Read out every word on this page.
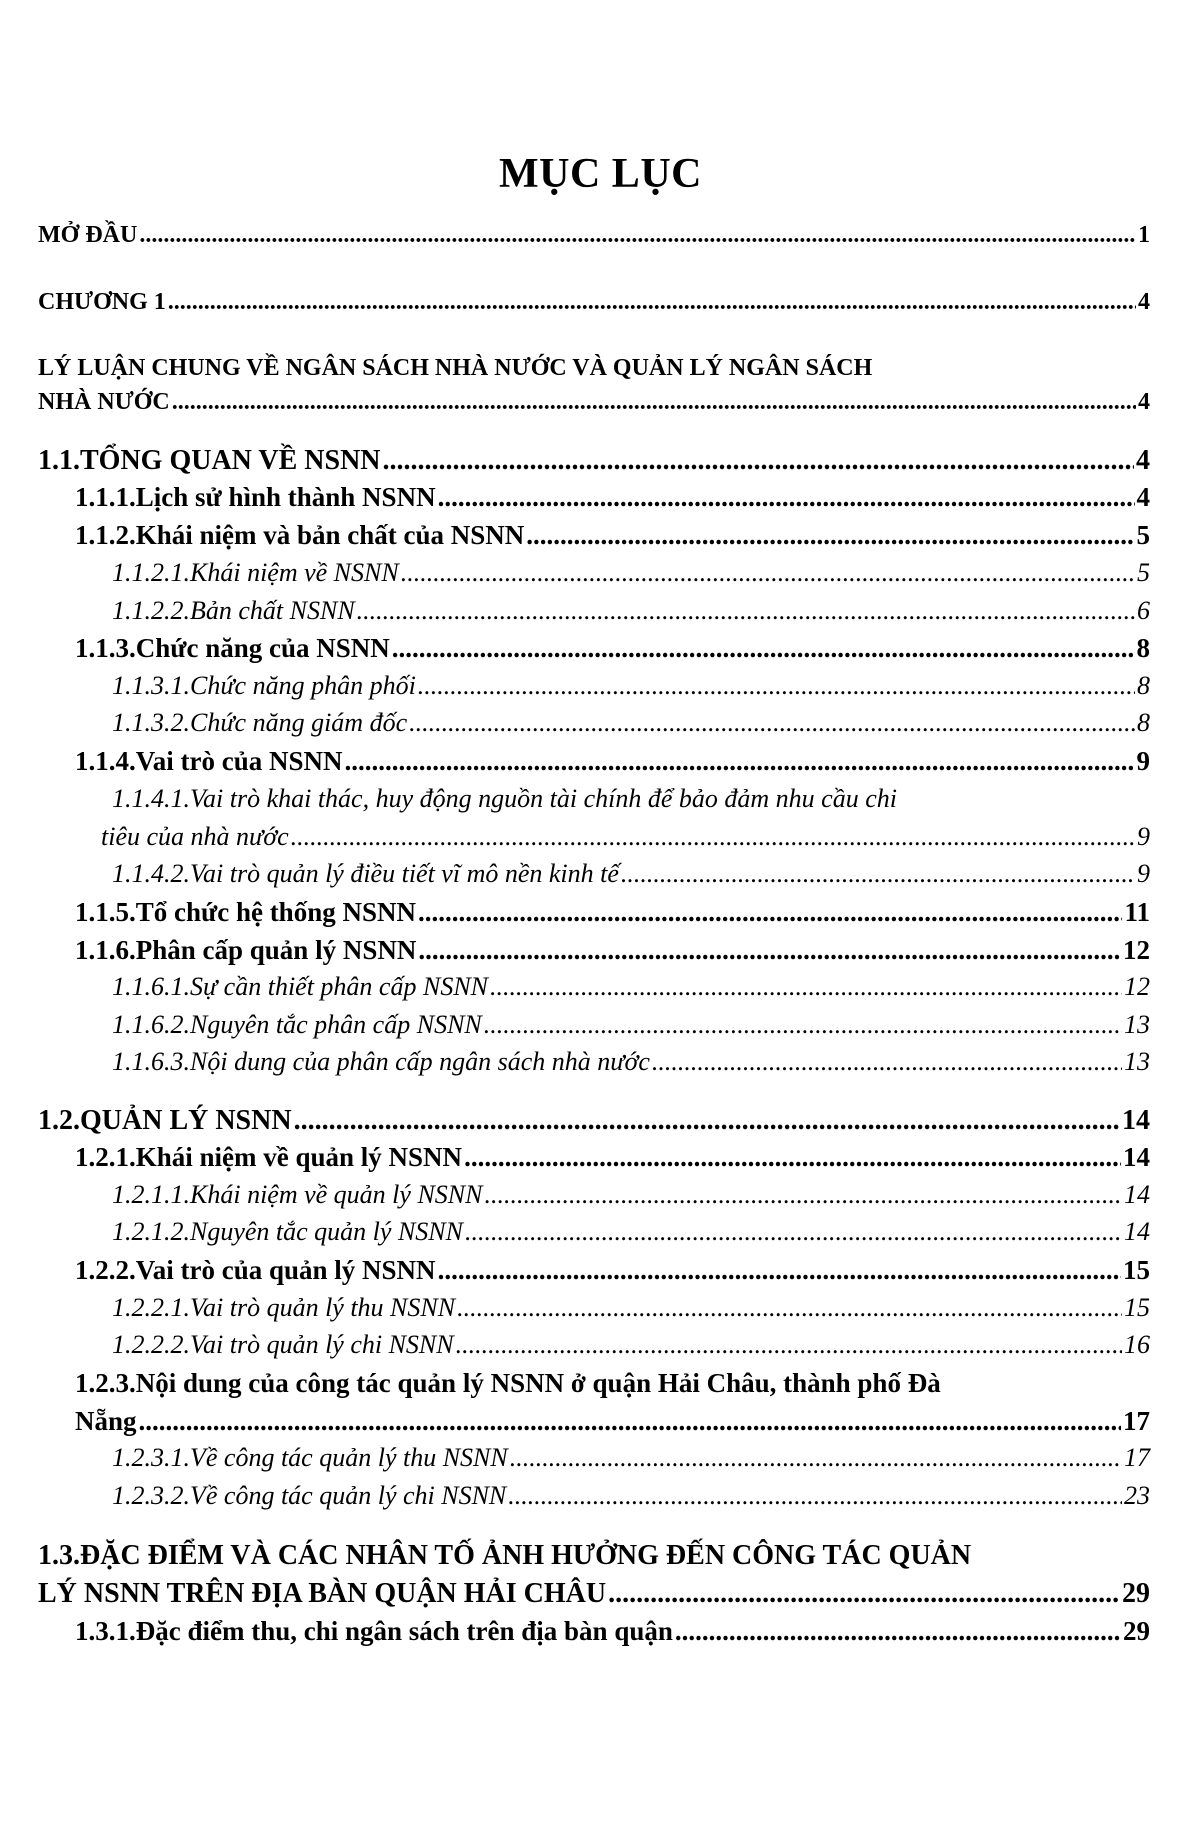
MỤC LỤC
MỞ ĐẦU .....	1
CHƯƠNG 1 .....	4
LÝ LUẬN CHUNG VỀ NGÂN SÁCH NHÀ NƯỚC VÀ QUẢN LÝ NGÂN SÁCH
NHÀ NƯỚC .....	4
1.1.TỔNG QUAN VỀ NSNN .....	4
1.1.1.Lịch sử hình thành NSNN .....	4
1.1.2.Khái niệm và bản chất của NSNN .....	5
1.1.2.1.Khái niệm về NSNN .....	5
1.1.2.2.Bản chất NSNN .....	6
1.1.3.Chức năng của NSNN .....	8
1.1.3.1.Chức năng phân phối .....	8
1.1.3.2.Chức năng giám đốc .....	8
1.1.4.Vai trò của NSNN .....	9
1.1.4.1.Vai trò khai thác, huy động nguồn tài chính để bảo đảm nhu cầu chi
tiêu của nhà nước .....	9
1.1.4.2.Vai trò quản lý điều tiết vĩ mô nền kinh tế .....	9
1.1.5.Tổ chức hệ thống NSNN .....	11
1.1.6.Phân cấp quản lý NSNN .....	12
1.1.6.1.Sự cần thiết phân cấp NSNN .....	12
1.1.6.2.Nguyên tắc phân cấp NSNN .....	13
1.1.6.3.Nội dung của phân cấp ngân sách nhà nước .....	13
1.2.QUẢN LÝ NSNN .....	14
1.2.1.Khái niệm về quản lý NSNN .....	14
1.2.1.1.Khái niệm về quản lý NSNN .....	14
1.2.1.2.Nguyên tắc quản lý NSNN .....	14
1.2.2.Vai trò của quản lý NSNN .....	15
1.2.2.1.Vai trò quản lý thu NSNN .....	15
1.2.2.2.Vai trò quản lý chi NSNN .....	16
1.2.3.Nội dung của công tác quản lý NSNN ở quận Hải Châu, thành phố Đà
Nẵng .....	17
1.2.3.1.Về công tác quản lý thu NSNN .....	17
1.2.3.2.Về công tác quản lý chi NSNN .....	23
1.3.ĐẶC ĐIỂM VÀ CÁC NHÂN TỐ ẢNH HƯỞNG ĐẾN CÔNG TÁC QUẢN
LÝ NSNN TRÊN ĐỊA BÀN QUẬN HẢI CHÂU .....	29
1.3.1.Đặc điểm thu, chi ngân sách trên địa bàn quận .....	29
